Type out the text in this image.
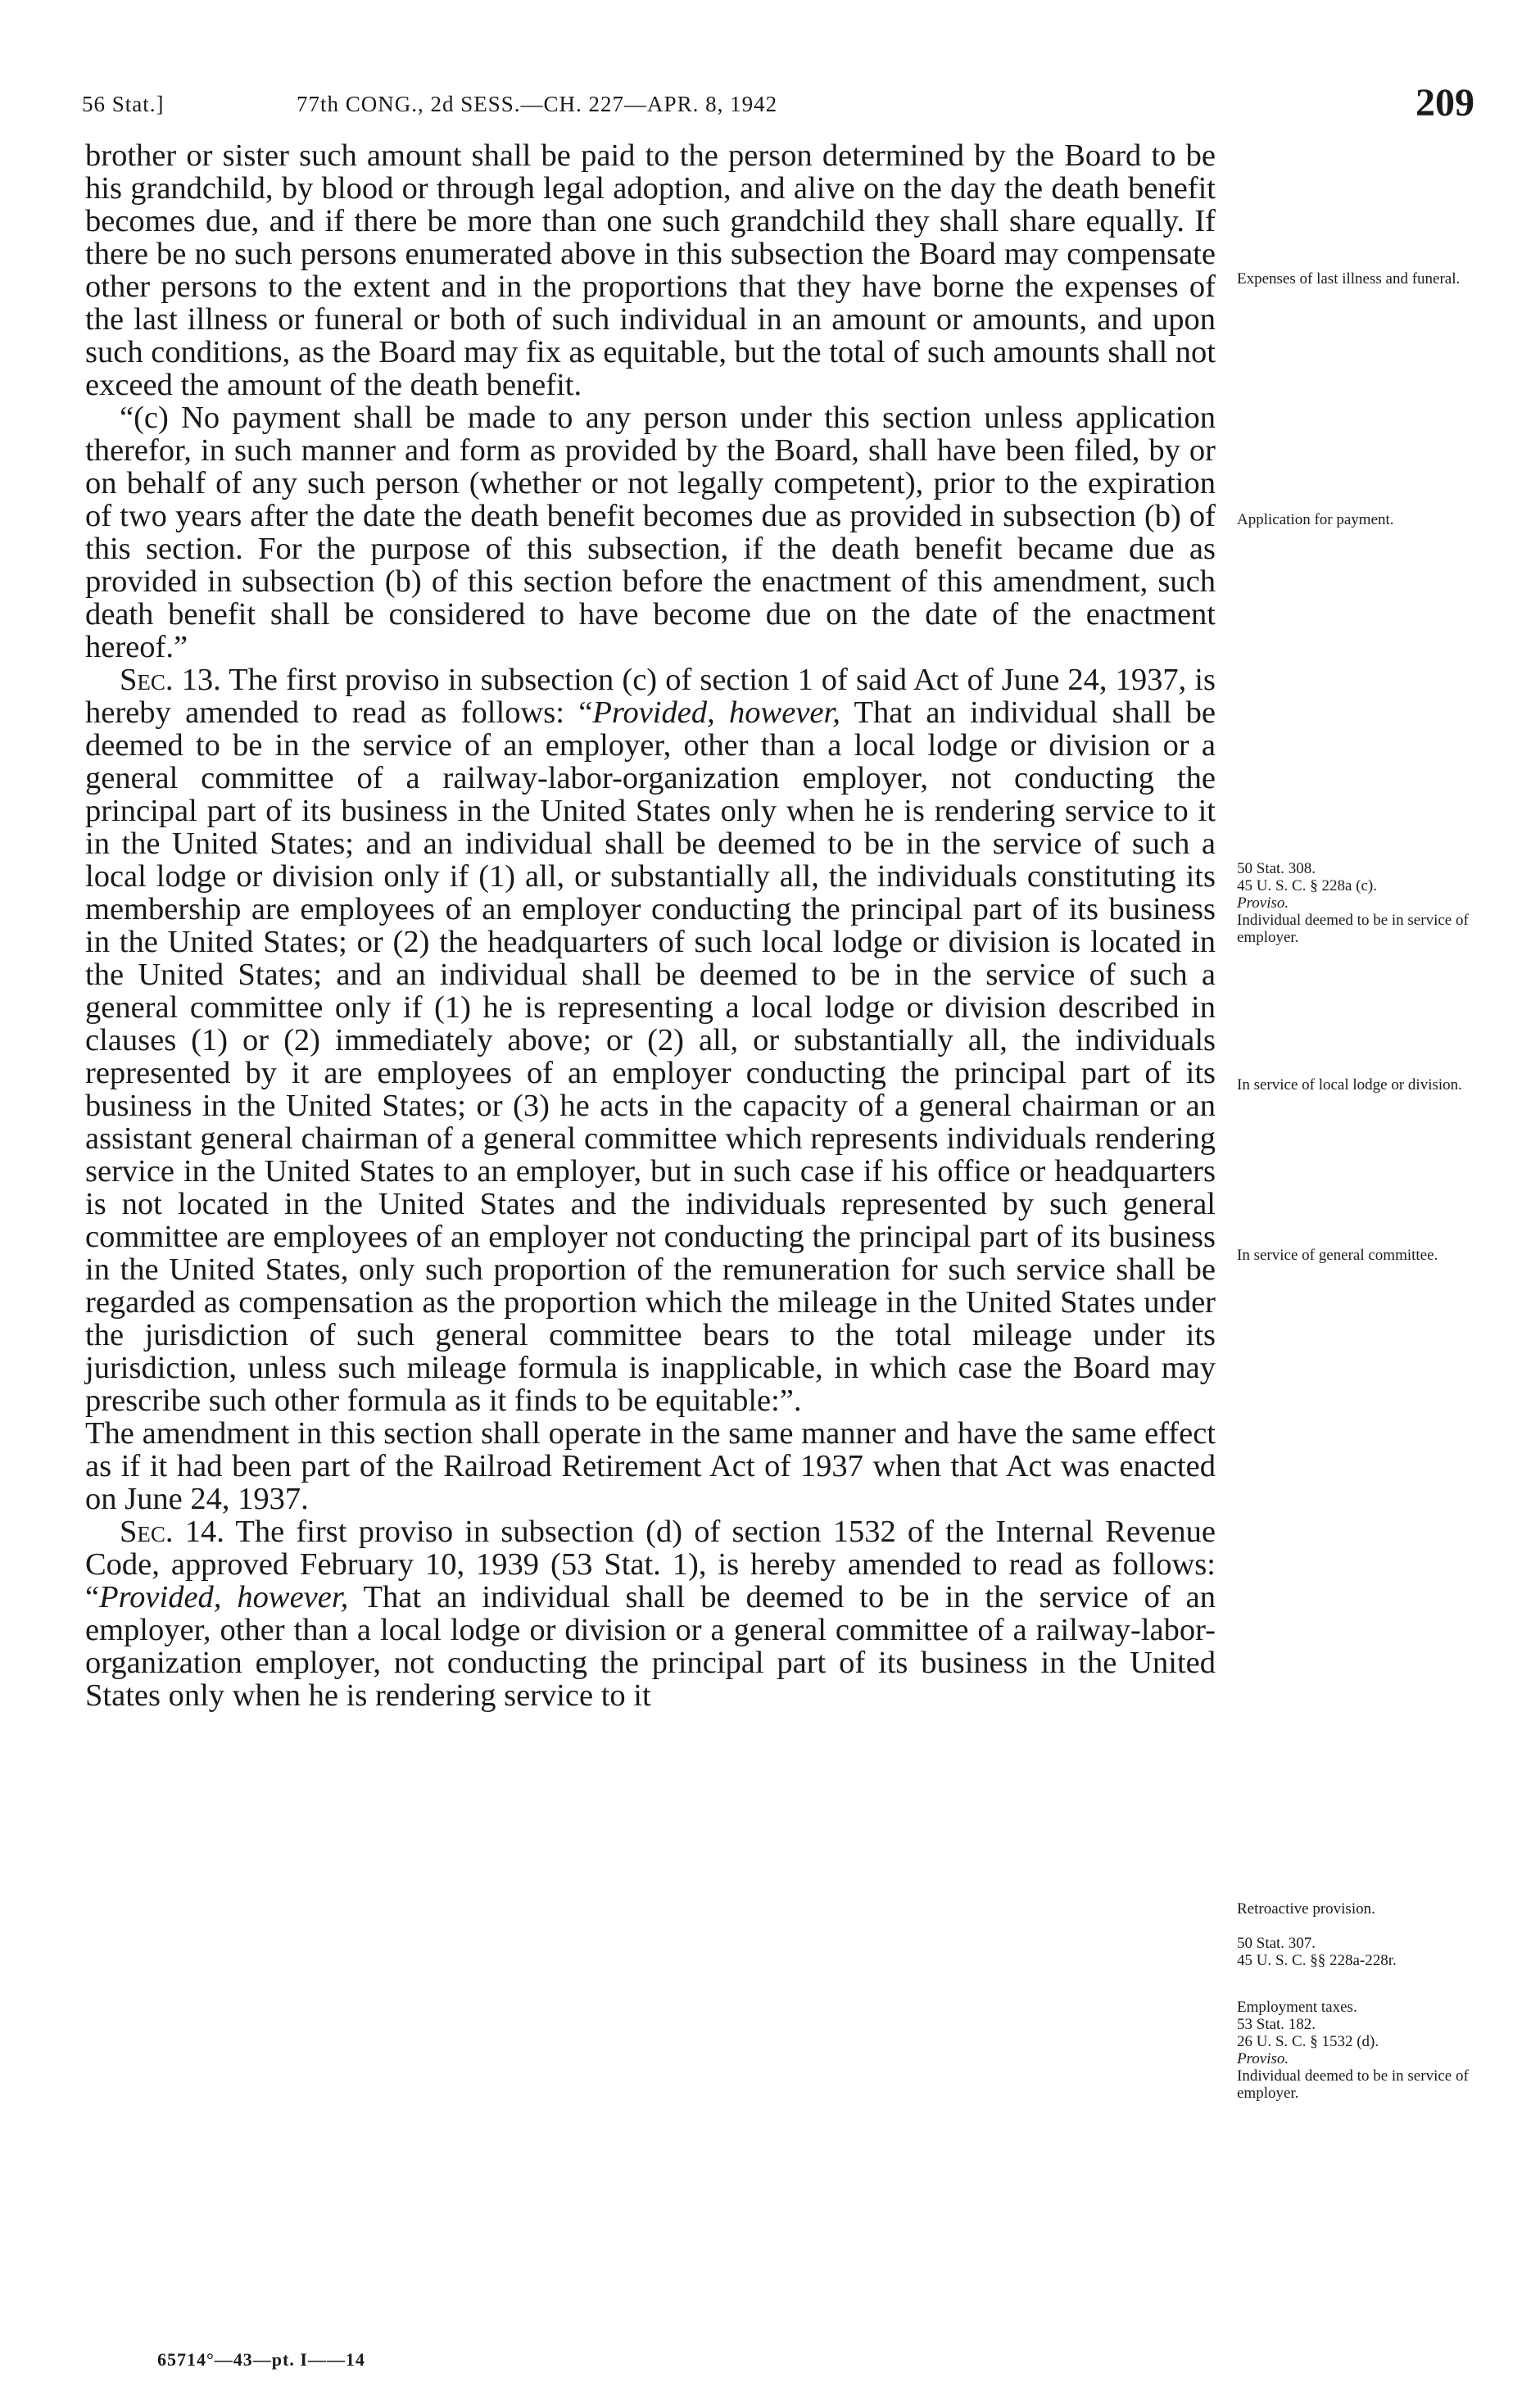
56 Stat.]	77th CONG., 2d SESS.—CH. 227—APR. 8, 1942	209

brother or sister such amount shall be paid to the person determined by the Board to be his grandchild, by blood or through legal adoption, and alive on the day the death benefit becomes due, and if there be more than one such grandchild they shall share equally. If there be no such persons enumerated above in this subsection the Board may compensate other persons to the extent and in the proportions that they have borne the expenses of the last illness or funeral or both of such individual in an amount or amounts, and upon such conditions, as the Board may fix as equitable, but the total of such amounts shall not exceed the amount of the death benefit.

“(c) No payment shall be made to any person under this section unless application therefor, in such manner and form as provided by the Board, shall have been filed, by or on behalf of any such person (whether or not legally competent), prior to the expiration of two years after the date the death benefit becomes due as provided in subsection (b) of this section. For the purpose of this subsection, if the death benefit became due as provided in subsection (b) of this section before the enactment of this amendment, such death benefit shall be considered to have become due on the date of the enactment hereof.”

Sec. 13. The first proviso in subsection (c) of section 1 of said Act of June 24, 1937, is hereby amended to read as follows: “Provided, however, That an individual shall be deemed to be in the service of an employer, other than a local lodge or division or a general committee of a railway-labor-organization employer, not conducting the principal part of its business in the United States only when he is rendering service to it in the United States; and an individual shall be deemed to be in the service of such a local lodge or division only if (1) all, or substantially all, the individuals constituting its membership are employees of an employer conducting the principal part of its business in the United States; or (2) the headquarters of such local lodge or division is located in the United States; and an individual shall be deemed to be in the service of such a general committee only if (1) he is representing a local lodge or division described in clauses (1) or (2) immediately above; or (2) all, or substantially all, the individuals represented by it are employees of an employer conducting the principal part of its business in the United States; or (3) he acts in the capacity of a general chairman or an assistant general chairman of a general committee which represents individuals rendering service in the United States to an employer, but in such case if his office or headquarters is not located in the United States and the individuals represented by such general committee are employees of an employer not conducting the principal part of its business in the United States, only such proportion of the remuneration for such service shall be regarded as compensation as the proportion which the mileage in the United States under the jurisdiction of such general committee bears to the total mileage under its jurisdiction, unless such mileage formula is inapplicable, in which case the Board may prescribe such other formula as it finds to be equitable:”.

The amendment in this section shall operate in the same manner and have the same effect as if it had been part of the Railroad Retirement Act of 1937 when that Act was enacted on June 24, 1937.

Sec. 14. The first proviso in subsection (d) of section 1532 of the Internal Revenue Code, approved February 10, 1939 (53 Stat. 1), is hereby amended to read as follows: “Provided, however, That an individual shall be deemed to be in the service of an employer, other than a local lodge or division or a general committee of a railway-labor-organization employer, not conducting the principal part of its business in the United States only when he is rendering service to it

Expenses of last illness and funeral.
Application for payment.
50 Stat. 308.
45 U. S. C. § 228a (c).
Proviso.
Individual deemed to be in service of employer.
In service of local lodge or division.
In service of general committee.
Retroactive provision.
50 Stat. 307.
45 U. S. C. §§ 228a-228r.
Employment taxes.
53 Stat. 182.
26 U. S. C. § 1532 (d).
Proviso.
Individual deemed to be in service of employer.
65714°—43—pt. I——14
